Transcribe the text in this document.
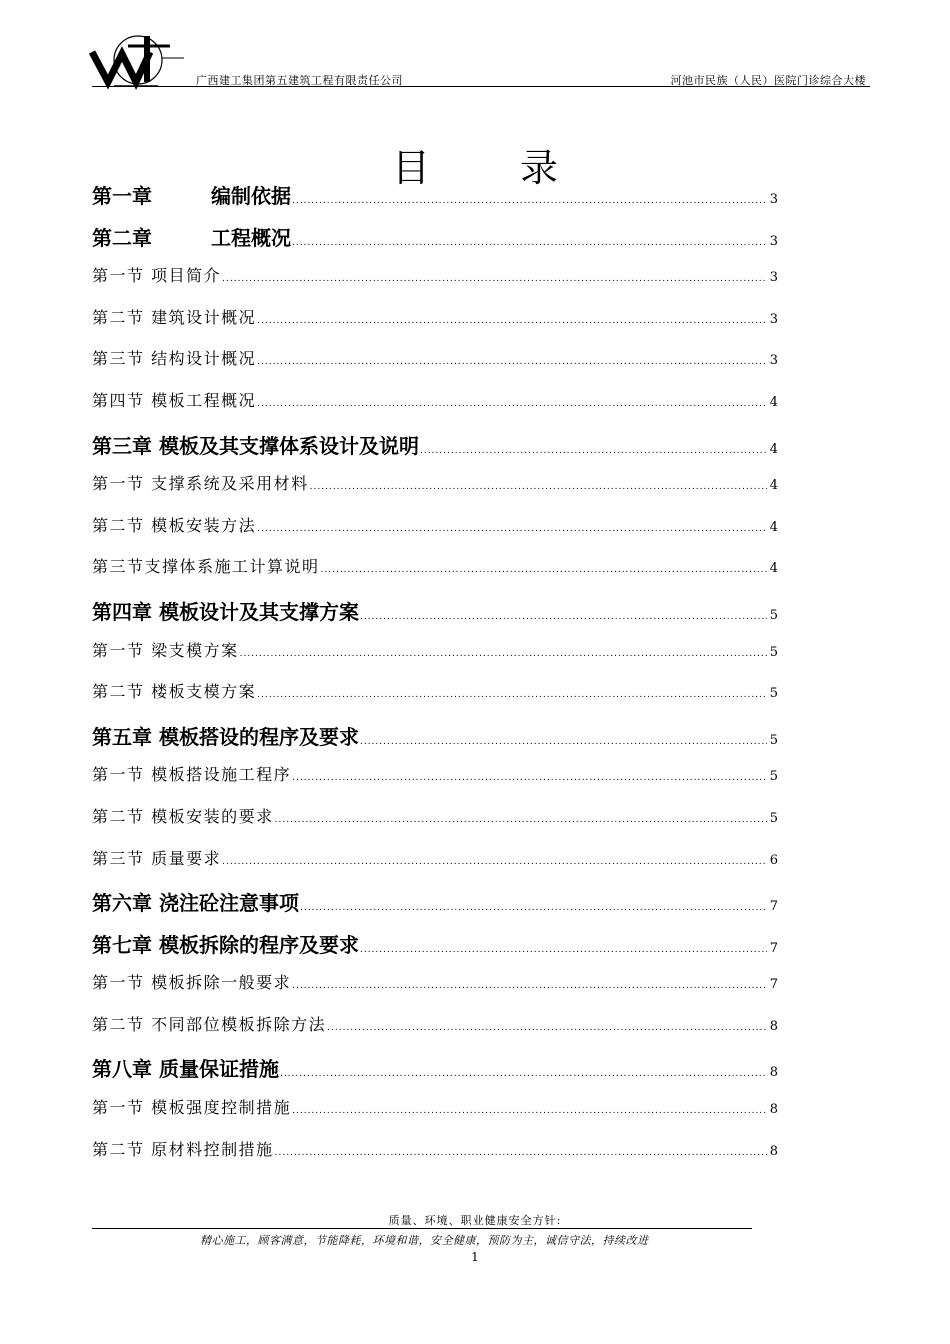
广西建工集团第五建筑工程有限责任公司	河池市民族（人民）医院门诊综合大楼
目录
第一章	编制依据 .....	3
第二章	工程概况 .....	3
第一节 项目简介 .....	3
第二节 建筑设计概况 .....	3
第三节 结构设计概况 .....	3
第四节 模板工程概况 .....	4
第三章 模板及其支撑体系设计及说明 .....	4
第一节 支撑系统及采用材料 .....	4
第二节 模板安装方法 .....	4
第三节支撑体系施工计算说明 .....	4
第四章 模板设计及其支撑方案 .....	5
第一节 梁支模方案 .....	5
第二节 楼板支模方案 .....	5
第五章 模板搭设的程序及要求 .....	5
第一节 模板搭设施工程序 .....	5
第二节 模板安装的要求 .....	5
第三节 质量要求 .....	6
第六章 浇注砼注意事项 .....	7
第七章 模板拆除的程序及要求 .....	7
第一节 模板拆除一般要求 .....	7
第二节 不同部位模板拆除方法 .....	8
第八章 质量保证措施 .....	8
第一节 模板强度控制措施 .....	8
第二节 原材料控制措施 .....	8
质量、环境、职业健康安全方针:
精心施工，顾客满意，节能降耗，环境和谐，安全健康，预防为主，诚信守法，持续改进
1
